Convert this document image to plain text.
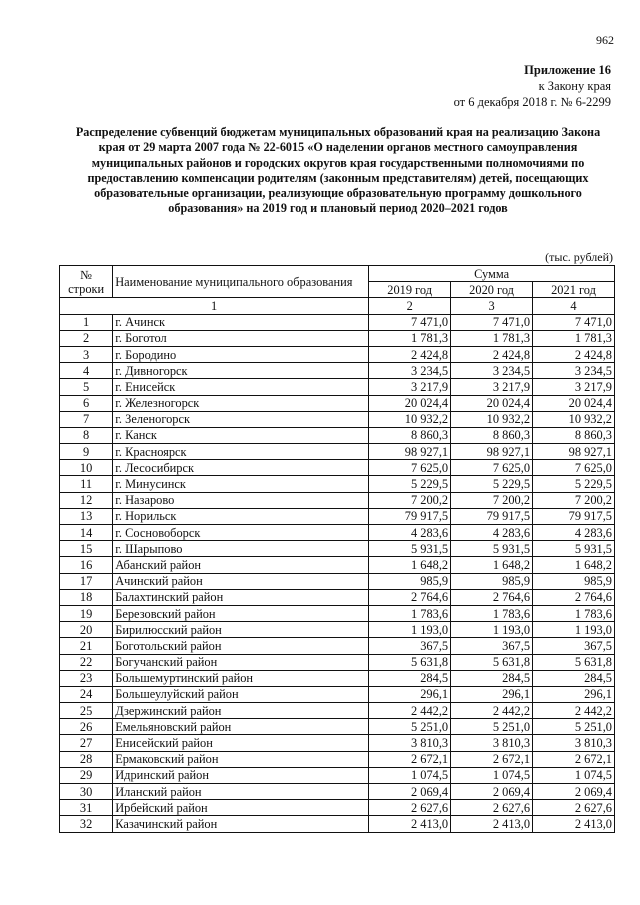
962
Приложение 16
к Закону края
от 6 декабря 2018 г. № 6-2299
Распределение субвенций бюджетам муниципальных образований края на реализацию Закона края от 29 марта 2007 года № 22-6015 «О наделении органов местного самоуправления муниципальных районов и городских округов края государственными полномочиями по предоставлению компенсации родителям (законным представителям) детей, посещающих образовательные организации, реализующие образовательную программу дошкольного образования» на 2019 год и плановый период 2020–2021 годов
(тыс. рублей)
№ строки	Наименование муниципального образования	Сумма		
		2019 год	2020 год	2021 год
1		2	3	4
1	г. Ачинск	7 471,0	7 471,0	7 471,0
2	г. Боготол	1 781,3	1 781,3	1 781,3
3	г. Бородино	2 424,8	2 424,8	2 424,8
4	г. Дивногорск	3 234,5	3 234,5	3 234,5
5	г. Енисейск	3 217,9	3 217,9	3 217,9
6	г. Железногорск	20 024,4	20 024,4	20 024,4
7	г. Зеленогорск	10 932,2	10 932,2	10 932,2
8	г. Канск	8 860,3	8 860,3	8 860,3
9	г. Красноярск	98 927,1	98 927,1	98 927,1
10	г. Лесосибирск	7 625,0	7 625,0	7 625,0
11	г. Минусинск	5 229,5	5 229,5	5 229,5
12	г. Назарово	7 200,2	7 200,2	7 200,2
13	г. Норильск	79 917,5	79 917,5	79 917,5
14	г. Сосновоборск	4 283,6	4 283,6	4 283,6
15	г. Шарыпово	5 931,5	5 931,5	5 931,5
16	Абанский район	1 648,2	1 648,2	1 648,2
17	Ачинский район	985,9	985,9	985,9
18	Балахтинский район	2 764,6	2 764,6	2 764,6
19	Березовский район	1 783,6	1 783,6	1 783,6
20	Бирилюсский район	1 193,0	1 193,0	1 193,0
21	Боготольский район	367,5	367,5	367,5
22	Богучанский район	5 631,8	5 631,8	5 631,8
23	Большемуртинский район	284,5	284,5	284,5
24	Большеулуйский район	296,1	296,1	296,1
25	Дзержинский район	2 442,2	2 442,2	2 442,2
26	Емельяновский район	5 251,0	5 251,0	5 251,0
27	Енисейский район	3 810,3	3 810,3	3 810,3
28	Ермаковский район	2 672,1	2 672,1	2 672,1
29	Идринский район	1 074,5	1 074,5	1 074,5
30	Иланский район	2 069,4	2 069,4	2 069,4
31	Ирбейский район	2 627,6	2 627,6	2 627,6
32	Казачинский район	2 413,0	2 413,0	2 413,0
